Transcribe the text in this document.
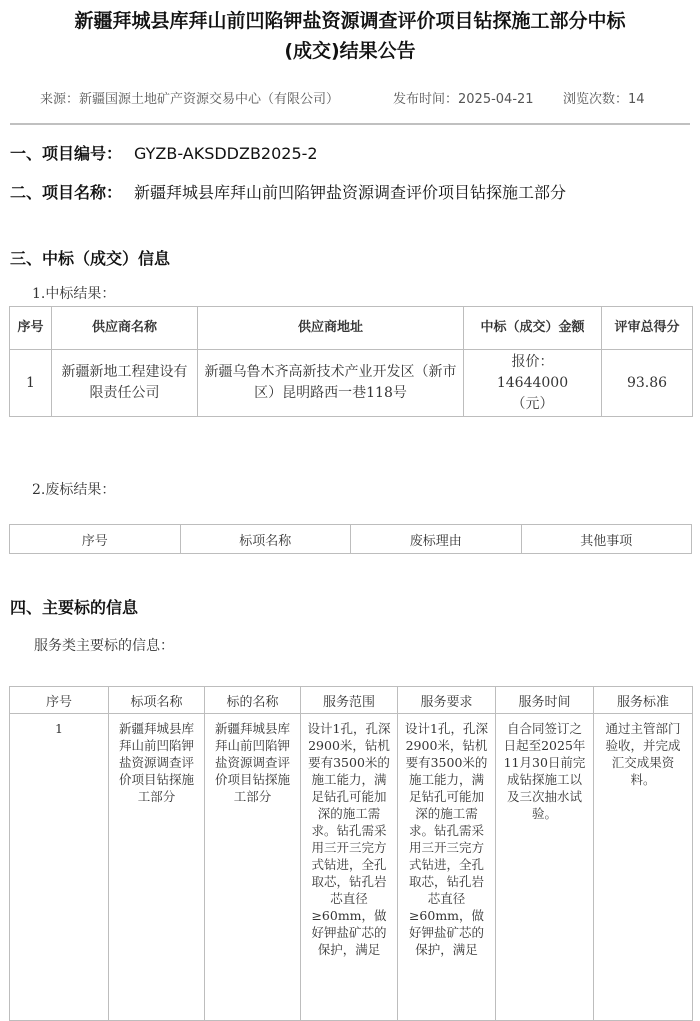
新疆拜城县库拜山前凹陷钾盐资源调查评价项目钻探施工部分中标
(成交)结果公告
来源：新疆国源土地矿产资源交易中心（有限公司）	发布时间：2025-04-21 浏览次数：14
一、项目编号： GYZB-AKSDDZB2025-2
二、项目名称： 新疆拜城县库拜山前凹陷钾盐资源调查评价项目钻探施工部分
三、中标（成交）信息
1.中标结果：
序号	供应商名称	供应商地址	中标（成交）金额	评审总得分
1	新疆新地工程建设有限责任公司	新疆乌鲁木齐高新技术产业开发区（新市区）昆明路西一巷118号	报价：
14644000
（元）	93.86
2.废标结果：
序号	标项名称	废标理由	其他事项
四、主要标的信息
服务类主要标的信息：
序号	标项名称	标的名称	服务范围	服务要求	服务时间	服务标准

1	新疆拜城县库拜山前凹陷钾盐资源调查评价项目钻探施工部分	新疆拜城县库拜山前凹陷钾盐资源调查评价项目钻探施工部分	设计1孔，孔深2900米，钻机要有3500米的施工能力，满足钻孔可能加深的施工需求。钻孔需采用三开三完方式钻进，全孔取芯，钻孔岩芯直径≥60mm，做好钾盐矿芯的保护，满足	设计1孔，孔深2900米，钻机要有3500米的施工能力，满足钻孔可能加深的施工需求。钻孔需采用三开三完方式钻进，全孔取芯，钻孔岩芯直径≥60mm，做好钾盐矿芯的保护，满足	自合同签订之日起至2025年11月30日前完成钻探施工以及三次抽水试验。	通过主管部门验收，并完成汇交成果资料。
